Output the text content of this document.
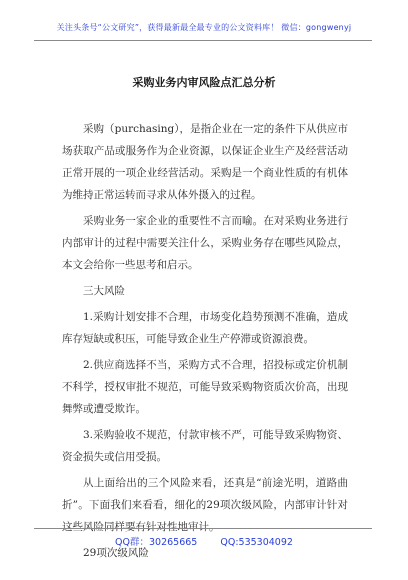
关注头条号“公文研究”，获得最新最全最专业的公文资料库！ 微信：gongwenyj
采购业务内审风险点汇总分析

采购（purchasing），是指企业在一定的条件下从供应市场获取产品或服务作为企业资源，以保证企业生产及经营活动正常开展的一项企业经营活动。采购是一个商业性质的有机体为维持正常运转而寻求从体外摄入的过程。

采购业务一家企业的重要性不言而喻。在对采购业务进行内部审计的过程中需要关注什么，采购业务存在哪些风险点，本文会给你一些思考和启示。

三大风险

1.采购计划安排不合理，市场变化趋势预测不准确，造成库存短缺或积压，可能导致企业生产停滞或资源浪费。

2.供应商选择不当，采购方式不合理，招投标或定价机制不科学，授权审批不规范，可能导致采购物资质次价高，出现舞弊或遭受欺诈。

3.采购验收不规范，付款审核不严，可能导致采购物资、资金损失或信用受损。

从上面给出的三个风险来看，还真是“前途光明，道路曲折”。下面我们来看看，细化的29项次级风险，内部审计针对这些风险同样要有针对性地审计。

29项次级风险

QQ群：30265665 QQ:535304092
